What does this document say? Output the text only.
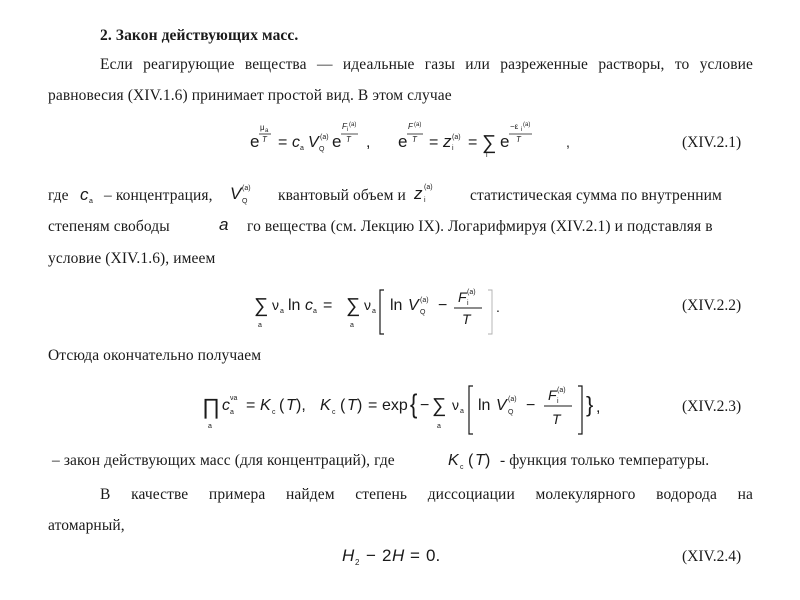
2. Закон действующих масс.
Если реагирующие вещества — идеальные газы или разреженные растворы, то условие
равновесия (XIV.1.6) принимает простой вид. В этом случае
e
μ a
T = c a V Q
(a) e
F i
(a)
T , e
F (a)
T = z i
(a) = ∑
i
e
−ε i
(a)
T	,	(XIV.2.1)
где c a – концентрация, V Q
(a) квантовый объем и z i
(a) статистическая сумма по внутренним
степеням свободы	a го вещества (см. Лекцию IX). Логарифмируя (XIV.2.1) и подставляя в
условие (XIV.1.6), имеем
∑
a
ν a ln c a = ∑
a
ν a ln V Q
(a) − F i
(a)
T
.	(XIV.2.2)
Отсюда окончательно получаем
∏
a
c a
νa = K c ( T ), K c ( T ) = exp { − ∑
a
ν a ln V Q
(a) −
F i
(a)
T
} ,	(XIV.2.3)
– закон действующих масс (для концентраций), где	K c ( T ) - функция только температуры.
В качестве примера найдем степень диссоциации молекулярного водорода на
атомарный,
H 2 − 2 H = 0.	(XIV.2.4)
